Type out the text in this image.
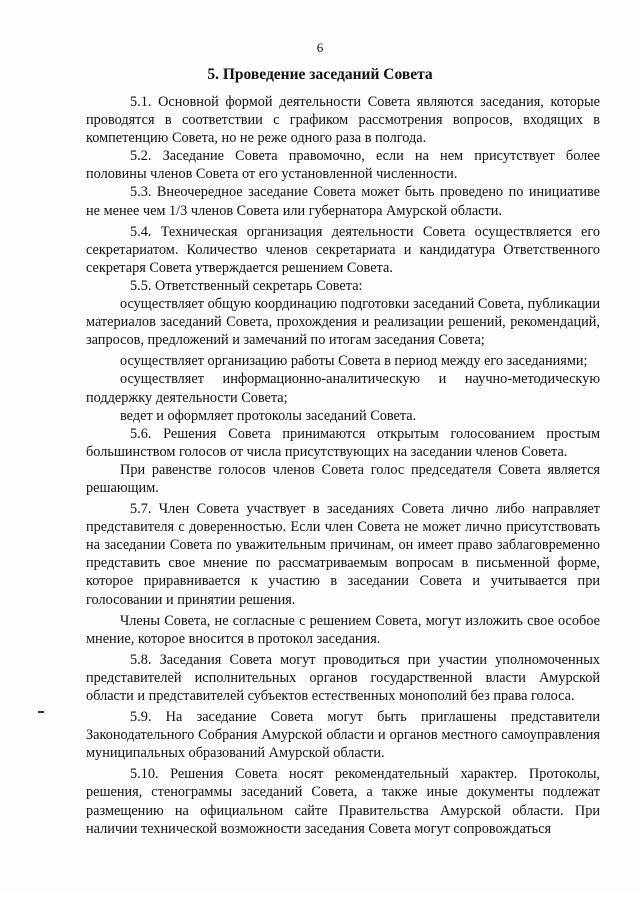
6
5. Проведение заседаний Совета

5.1. Основной формой деятельности Совета являются заседания, которые проводятся в соответствии с графиком рассмотрения вопросов, входящих в компетенцию Совета, но не реже одного раза в полгода.

5.2. Заседание Совета правомочно, если на нем присутствует более половины членов Совета от его установленной численности.

5.3. Внеочередное заседание Совета может быть проведено по инициативе не менее чем 1/3 членов Совета или губернатора Амурской области.

5.4. Техническая организация деятельности Совета осуществляется его секретариатом. Количество членов секретариата и кандидатура Ответственного секретаря Совета утверждается решением Совета.

5.5. Ответственный секретарь Совета:

осуществляет общую координацию подготовки заседаний Совета, публикации материалов заседаний Совета, прохождения и реализации решений, рекомендаций, запросов, предложений и замечаний по итогам заседания Совета;

осуществляет организацию работы Совета в период между его заседаниями;

осуществляет информационно-аналитическую и научно-методическую поддержку деятельности Совета;

ведет и оформляет протоколы заседаний Совета.

5.6. Решения Совета принимаются открытым голосованием простым большинством голосов от числа присутствующих на заседании членов Совета.

При равенстве голосов членов Совета голос председателя Совета является решающим.

5.7. Член Совета участвует в заседаниях Совета лично либо направляет представителя с доверенностью. Если член Совета не может лично присутствовать на заседании Совета по уважительным причинам, он имеет право заблаговременно представить свое мнение по рассматриваемым вопросам в письменной форме, которое приравнивается к участию в заседании Совета и учитывается при голосовании и принятии решения.

Члены Совета, не согласные с решением Совета, могут изложить свое особое мнение, которое вносится в протокол заседания.

5.8. Заседания Совета могут проводиться при участии уполномоченных представителей исполнительных органов государственной власти Амурской области и представителей субъектов естественных монополий без права голоса.

5.9. На заседание Совета могут быть приглашены представители Законодательного Собрания Амурской области и органов местного самоуправления муниципальных образований Амурской области.

5.10. Решения Совета носят рекомендательный характер. Протоколы, решения, стенограммы заседаний Совета, а также иные документы подлежат размещению на официальном сайте Правительства Амурской области. При наличии технической возможности заседания Совета могут сопровождаться
